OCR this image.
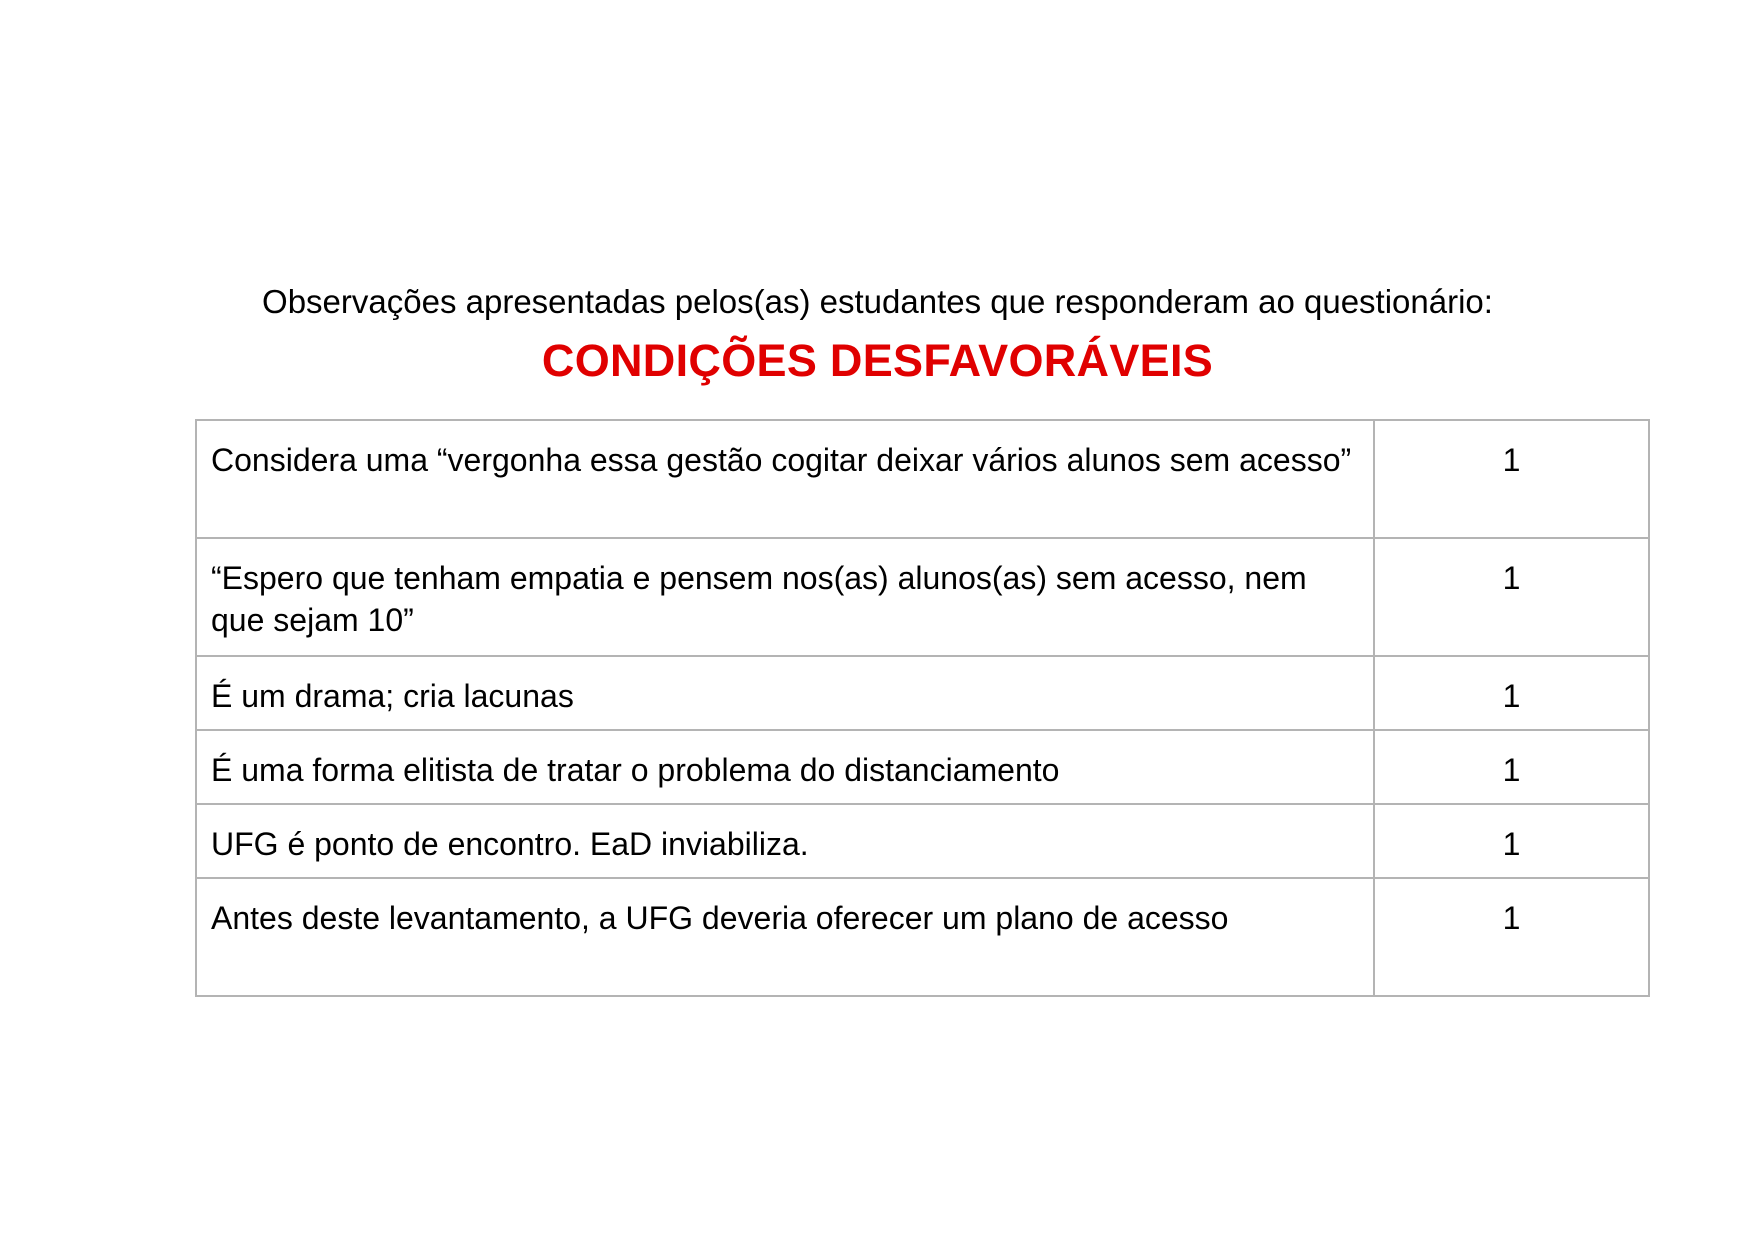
Observações apresentadas pelos(as) estudantes que responderam ao questionário:

CONDIÇÕES DESFAVORÁVEIS
Considera uma “vergonha essa gestão cogitar deixar vários alunos sem acesso”	1
“Espero que tenham empatia e pensem nos(as) alunos(as) sem acesso, nem que sejam 10”	1
É um drama; cria lacunas	1
É uma forma elitista de tratar o problema do distanciamento	1
UFG é ponto de encontro. EaD inviabiliza.	1
Antes deste levantamento, a UFG deveria oferecer um plano de acesso	1
